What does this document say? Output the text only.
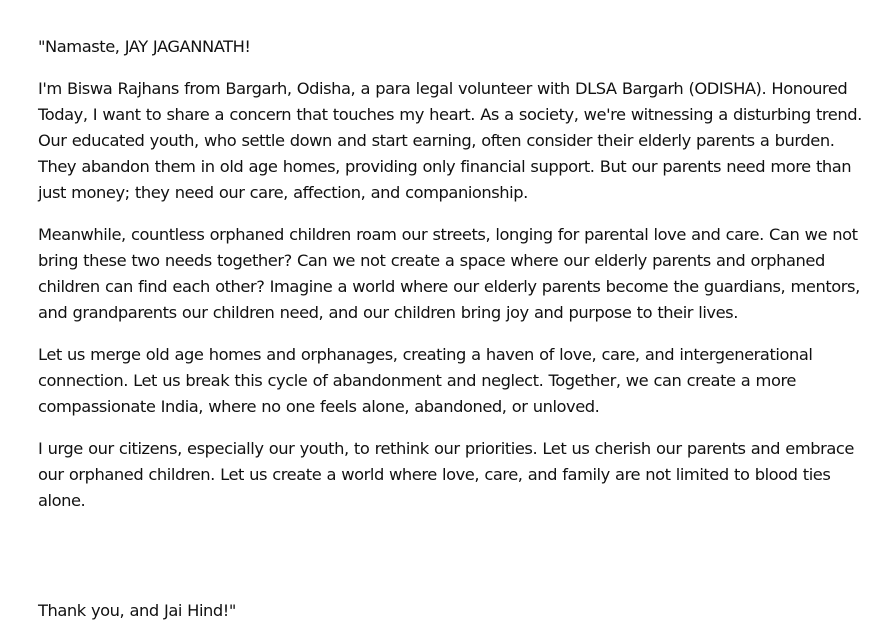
"Namaste, JAY JAGANNATH!

I'm Biswa Rajhans from Bargarh, Odisha, a para legal volunteer with DLSA Bargarh (ODISHA). Honoured Today, I want to share a concern that touches my heart. As a society, we're witnessing a disturbing trend. Our educated youth, who settle down and start earning, often consider their elderly parents a burden. They abandon them in old age homes, providing only financial support. But our parents need more than just money; they need our care, affection, and companionship.

Meanwhile, countless orphaned children roam our streets, longing for parental love and care. Can we not bring these two needs together? Can we not create a space where our elderly parents and orphaned children can find each other? Imagine a world where our elderly parents become the guardians, mentors, and grandparents our children need, and our children bring joy and purpose to their lives.

Let us merge old age homes and orphanages, creating a haven of love, care, and intergenerational connection. Let us break this cycle of abandonment and neglect. Together, we can create a more compassionate India, where no one feels alone, abandoned, or unloved.

I urge our citizens, especially our youth, to rethink our priorities. Let us cherish our parents and embrace our orphaned children. Let us create a world where love, care, and family are not limited to blood ties alone.

Thank you, and Jai Hind!"
